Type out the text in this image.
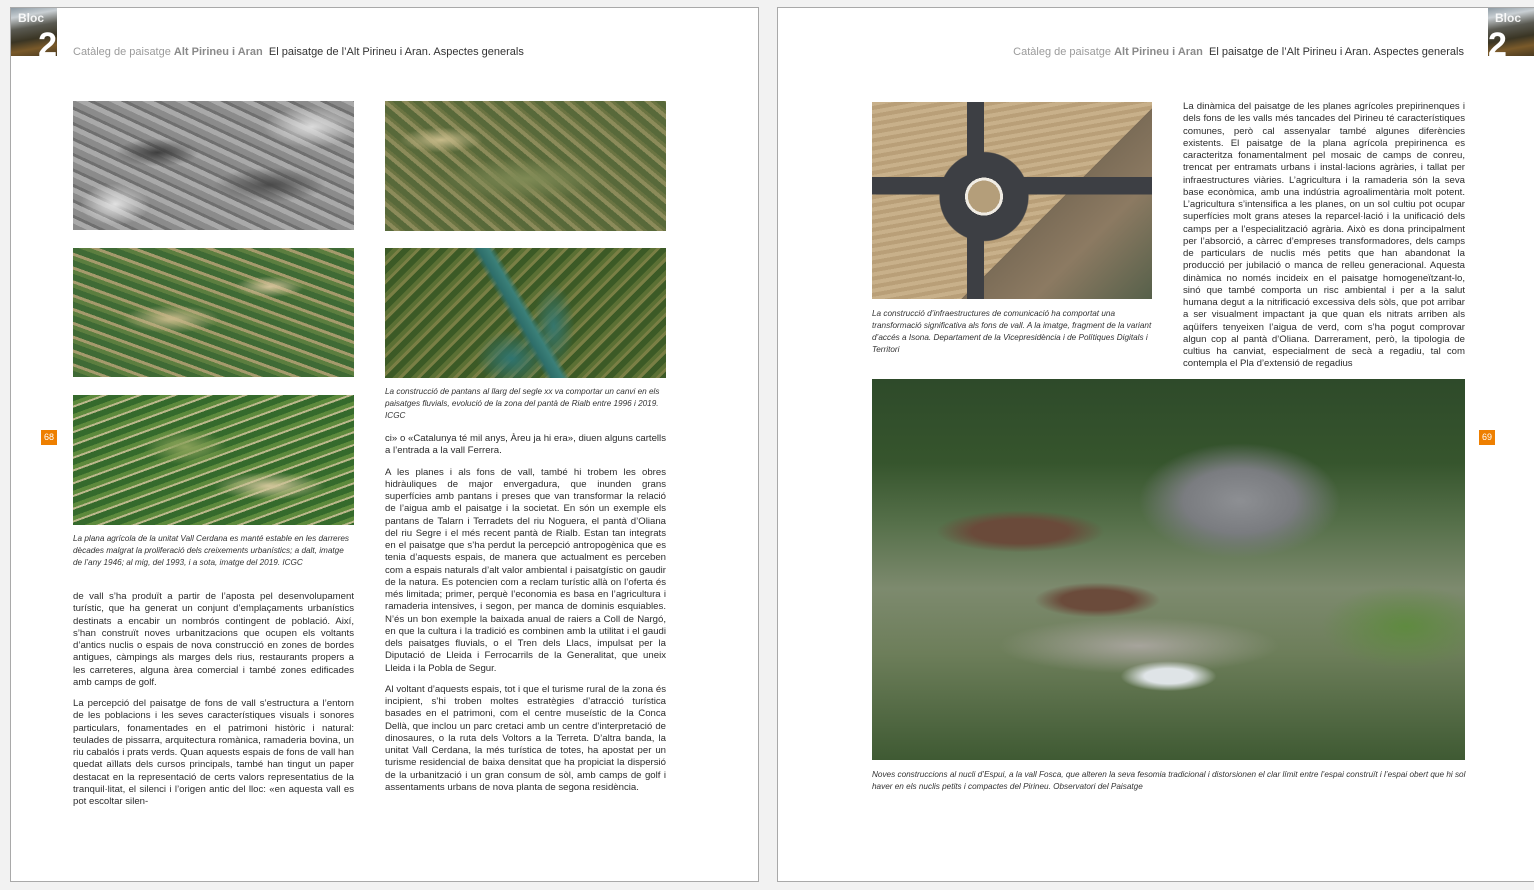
Bloc
2 Catàleg de paisatge Alt Pirineu i Aran El paisatge de l’Alt Pirineu i Aran. Aspectes generals
68
La plana agrícola de la unitat Vall Cerdana es manté estable en les darreres dècades malgrat la proliferació dels creixements urbanístics; a dalt, imatge de l’any 1946; al mig, del 1993, i a sota, imatge del 2019. ICGC
La construcció de pantans al llarg del segle xx va comportar un canvi en els paisatges fluvials, evolució de la zona del pantà de Rialb entre 1996 i 2019. ICGC

de vall s’ha produït a partir de l’aposta pel desenvolupament turístic, que ha generat un conjunt d’emplaçaments urbanístics destinats a encabir un nombrós contingent de població. Així, s’han construït noves urbanitzacions que ocupen els voltants d’antics nuclis o espais de nova construcció en zones de bordes antigues, càmpings als marges dels rius, restaurants propers a les carreteres, alguna àrea comercial i també zones edificades amb camps de golf.

La percepció del paisatge de fons de vall s’estructura a l’entorn de les poblacions i les seves característiques visuals i sonores particulars, fonamentades en el patrimoni històric i natural: teulades de pissarra, arquitectura romànica, ramaderia bovina, un riu cabalós i prats verds. Quan aquests espais de fons de vall han quedat aïllats dels cursos principals, també han tingut un paper destacat en la representació de certs valors representatius de la tranquil·litat, el silenci i l’origen antic del lloc: «en aquesta vall es pot escoltar silen-

ci» o «Catalunya té mil anys, Àreu ja hi era», diuen alguns cartells a l’entrada a la vall Ferrera.

A les planes i als fons de vall, també hi trobem les obres hidràuliques de major envergadura, que inunden grans superfícies amb pantans i preses que van transformar la relació de l’aigua amb el paisatge i la societat. En són un exemple els pantans de Talarn i Terradets del riu Noguera, el pantà d’Oliana del riu Segre i el més recent pantà de Rialb. Estan tan integrats en el paisatge que s’ha perdut la percepció antropogènica que es tenia d’aquests espais, de manera que actualment es perceben com a espais naturals d’alt valor ambiental i paisatgístic on gaudir de la natura. Es potencien com a reclam turístic allà on l’oferta és més limitada; primer, perquè l’economia es basa en l’agricultura i ramaderia intensives, i segon, per manca de dominis esquiables. N’és un bon exemple la baixada anual de raiers a Coll de Nargó, en que la cultura i la tradició es combinen amb la utilitat i el gaudi dels paisatges fluvials, o el Tren dels Llacs, impulsat per la Diputació de Lleida i Ferrocarrils de la Generalitat, que uneix Lleida i la Pobla de Segur.

Al voltant d’aquests espais, tot i que el turisme rural de la zona és incipient, s’hi troben moltes estratègies d’atracció turística basades en el patrimoni, com el centre museístic de la Conca Dellà, que inclou un parc cretaci amb un centre d’interpretació de dinosaures, o la ruta dels Voltors a la Terreta. D’altra banda, la unitat Vall Cerdana, la més turística de totes, ha apostat per un turisme residencial de baixa densitat que ha propiciat la dispersió de la urbanització i un gran consum de sòl, amb camps de golf i assentaments urbans de nova planta de segona residència.

Bloc
2
Catàleg de paisatge Alt Pirineu i Aran El paisatge de l’Alt Pirineu i Aran. Aspectes generals
69
La construcció d’infraestructures de comunicació ha comportat una transformació significativa als fons de vall. A la imatge, fragment de la variant d’accés a Isona. Departament de la Vicepresidència i de Polítiques Digitals i Territori

La dinàmica del paisatge de les planes agrícoles prepirinenques i dels fons de les valls més tancades del Pirineu té característiques comunes, però cal assenyalar també algunes diferències existents. El paisatge de la plana agrícola prepirinenca es caracteritza fonamentalment pel mosaic de camps de conreu, trencat per entramats urbans i instal·lacions agràries, i tallat per infraestructures viàries. L’agricultura i la ramaderia són la seva base econòmica, amb una indústria agroalimentària molt potent. L’agricultura s’intensifica a les planes, on un sol cultiu pot ocupar superfícies molt grans ateses la reparcel·lació i la unificació dels camps per a l’especialització agrària. Això es dona principalment per l’absorció, a càrrec d’empreses transformadores, dels camps de particulars de nuclis més petits que han abandonat la producció per jubilació o manca de relleu generacional. Aquesta dinàmica no només incideix en el paisatge homogeneïtzant-lo, sinó que també comporta un risc ambiental i per a la salut humana degut a la nitrificació excessiva dels sòls, que pot arribar a ser visualment impactant ja que quan els nitrats arriben als aqüífers tenyeixen l’aigua de verd, com s’ha pogut comprovar algun cop al pantà d’Oliana. Darrerament, però, la tipologia de cultius ha canviat, especialment de secà a regadiu, tal com contempla el Pla d’extensió de regadius

Noves construccions al nucli d’Espui, a la vall Fosca, que alteren la seva fesomia tradicional i distorsionen el clar límit entre l’espai construït i l’espai obert que hi sol haver en els nuclis petits i compactes del Pirineu. Observatori del Paisatge
